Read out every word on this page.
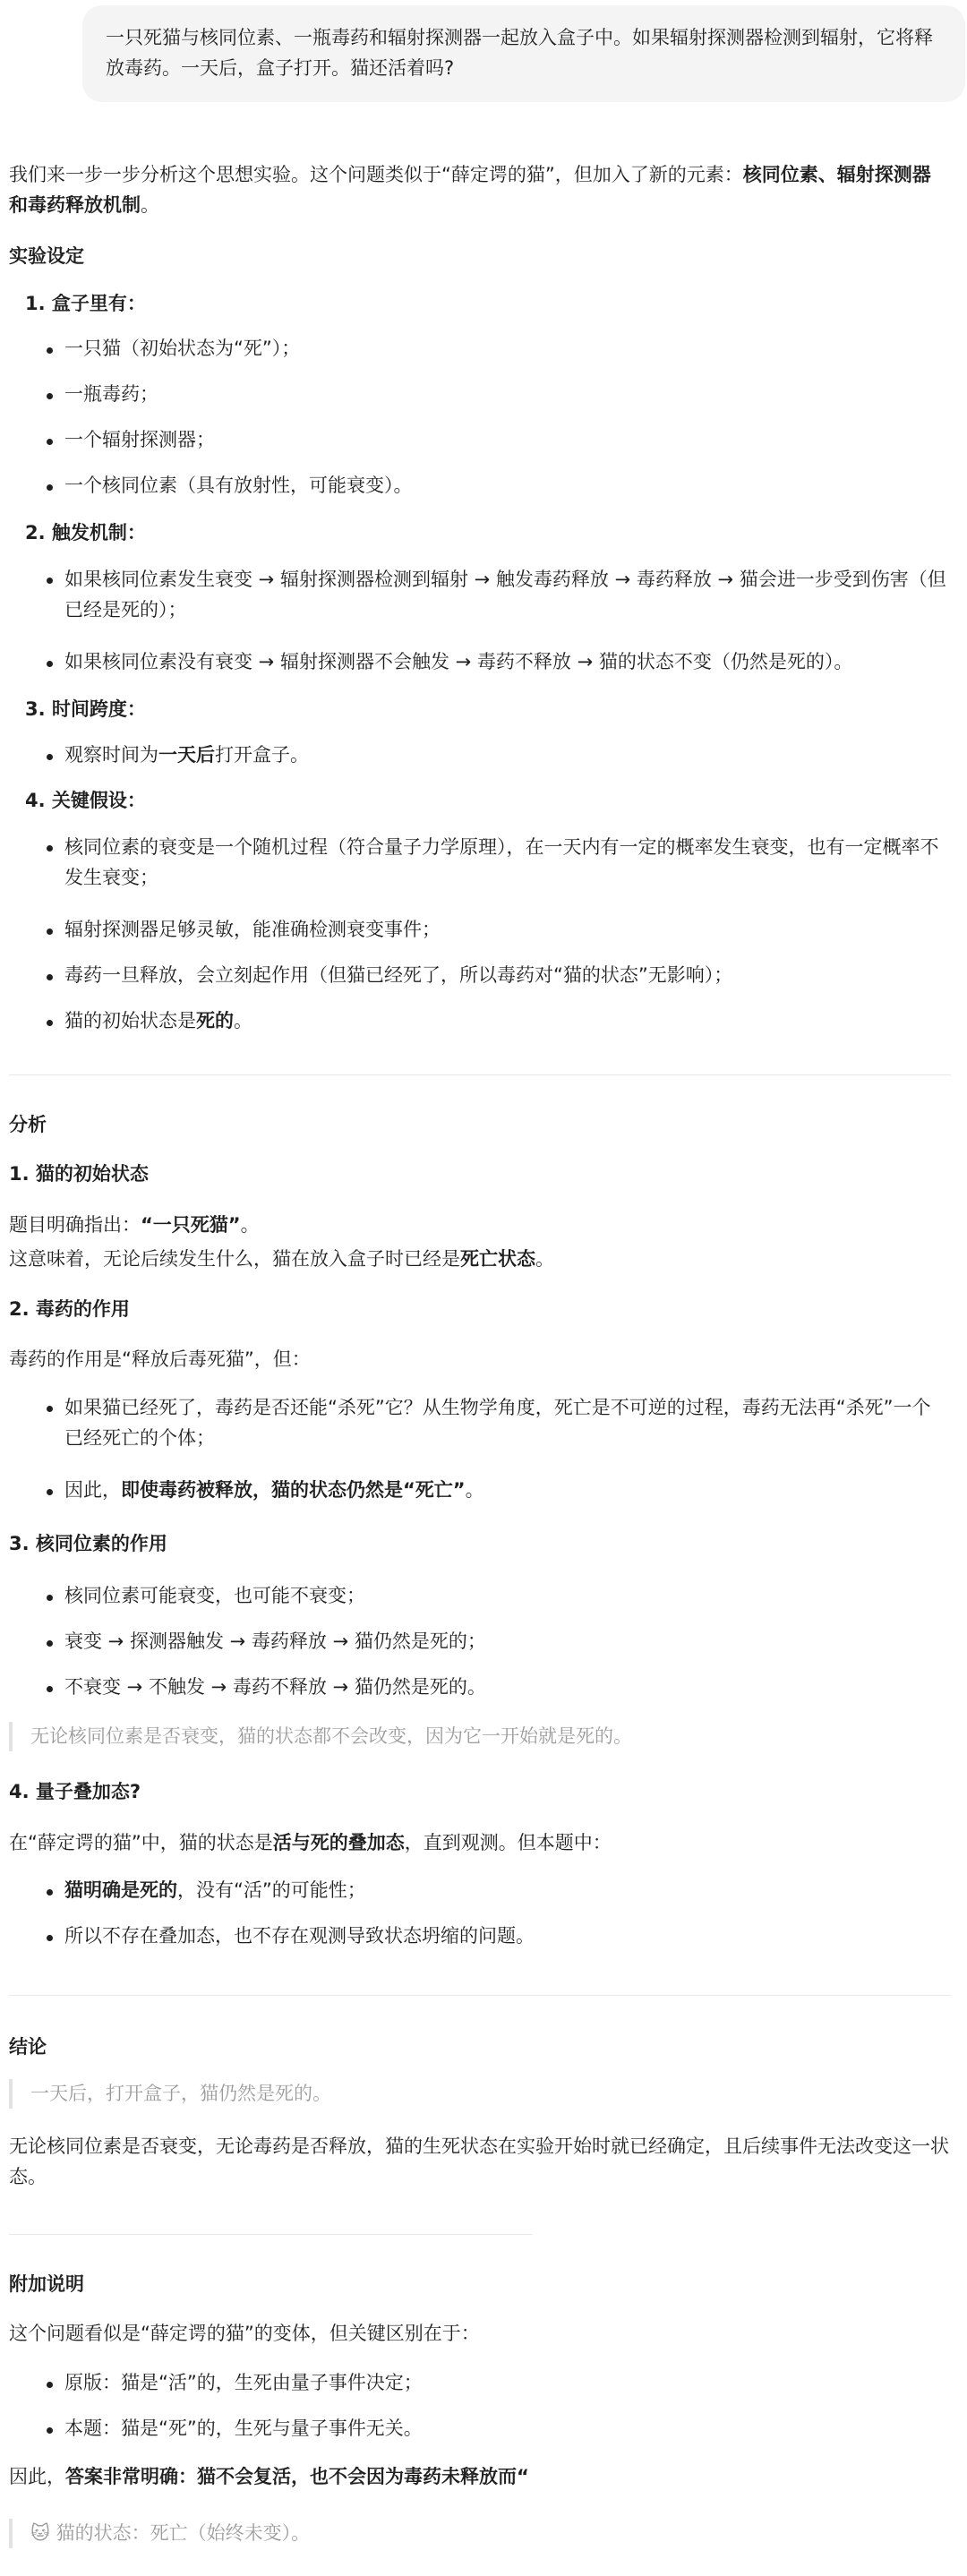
一只死猫与核同位素、一瓶毒药和辐射探测器一起放入盒子中。如果辐射探测器检测到辐射，它将释放毒药。一天后，盒子打开。猫还活着吗?
我们来一步一步分析这个思想实验。这个问题类似于“薛定谔的猫”，但加入了新的元素：核同位素、辐射探测器和毒药释放机制。
实验设定
1. 盒子里有：
一只猫（初始状态为“死”）；
一瓶毒药；
一个辐射探测器；
一个核同位素（具有放射性，可能衰变）。
2. 触发机制：
如果核同位素发生衰变 → 辐射探测器检测到辐射 → 触发毒药释放 → 毒药释放 → 猫会进一步受到伤害（但已经是死的）；
如果核同位素没有衰变 → 辐射探测器不会触发 → 毒药不释放 → 猫的状态不变（仍然是死的）。
3. 时间跨度：
观察时间为一天后打开盒子。
4. 关键假设：
核同位素的衰变是一个随机过程（符合量子力学原理），在一天内有一定的概率发生衰变，也有一定概率不发生衰变；
辐射探测器足够灵敏，能准确检测衰变事件；
毒药一旦释放，会立刻起作用（但猫已经死了，所以毒药对“猫的状态”无影响）；
猫的初始状态是死的。
分析
1. 猫的初始状态
题目明确指出：“一只死猫”。
这意味着，无论后续发生什么，猫在放入盒子时已经是死亡状态。
2. 毒药的作用
毒药的作用是“释放后毒死猫”，但：
如果猫已经死了，毒药是否还能“杀死”它？从生物学角度，死亡是不可逆的过程，毒药无法再“杀死”一个已经死亡的个体；
因此，即使毒药被释放，猫的状态仍然是“死亡”。
3. 核同位素的作用
核同位素可能衰变，也可能不衰变；
衰变 → 探测器触发 → 毒药释放 → 猫仍然是死的；
不衰变 → 不触发 → 毒药不释放 → 猫仍然是死的。
无论核同位素是否衰变，猫的状态都不会改变，因为它一开始就是死的。
4. 量子叠加态?
在“薛定谔的猫”中，猫的状态是活与死的叠加态，直到观测。但本题中：
猫明确是死的，没有“活”的可能性；
所以不存在叠加态，也不存在观测导致状态坍缩的问题。
结论
一天后，打开盒子，猫仍然是死的。
无论核同位素是否衰变，无论毒药是否释放，猫的生死状态在实验开始时就已经确定，且后续事件无法改变这一状态。
附加说明
这个问题看似是“薛定谔的猫”的变体，但关键区别在于：
原版：猫是“活”的，生死由量子事件决定；
本题：猫是“死”的，生死与量子事件无关。
因此，答案非常明确：猫不会复活，也不会因为毒药未释放而“
🐱 猫的状态：死亡（始终未变）。
